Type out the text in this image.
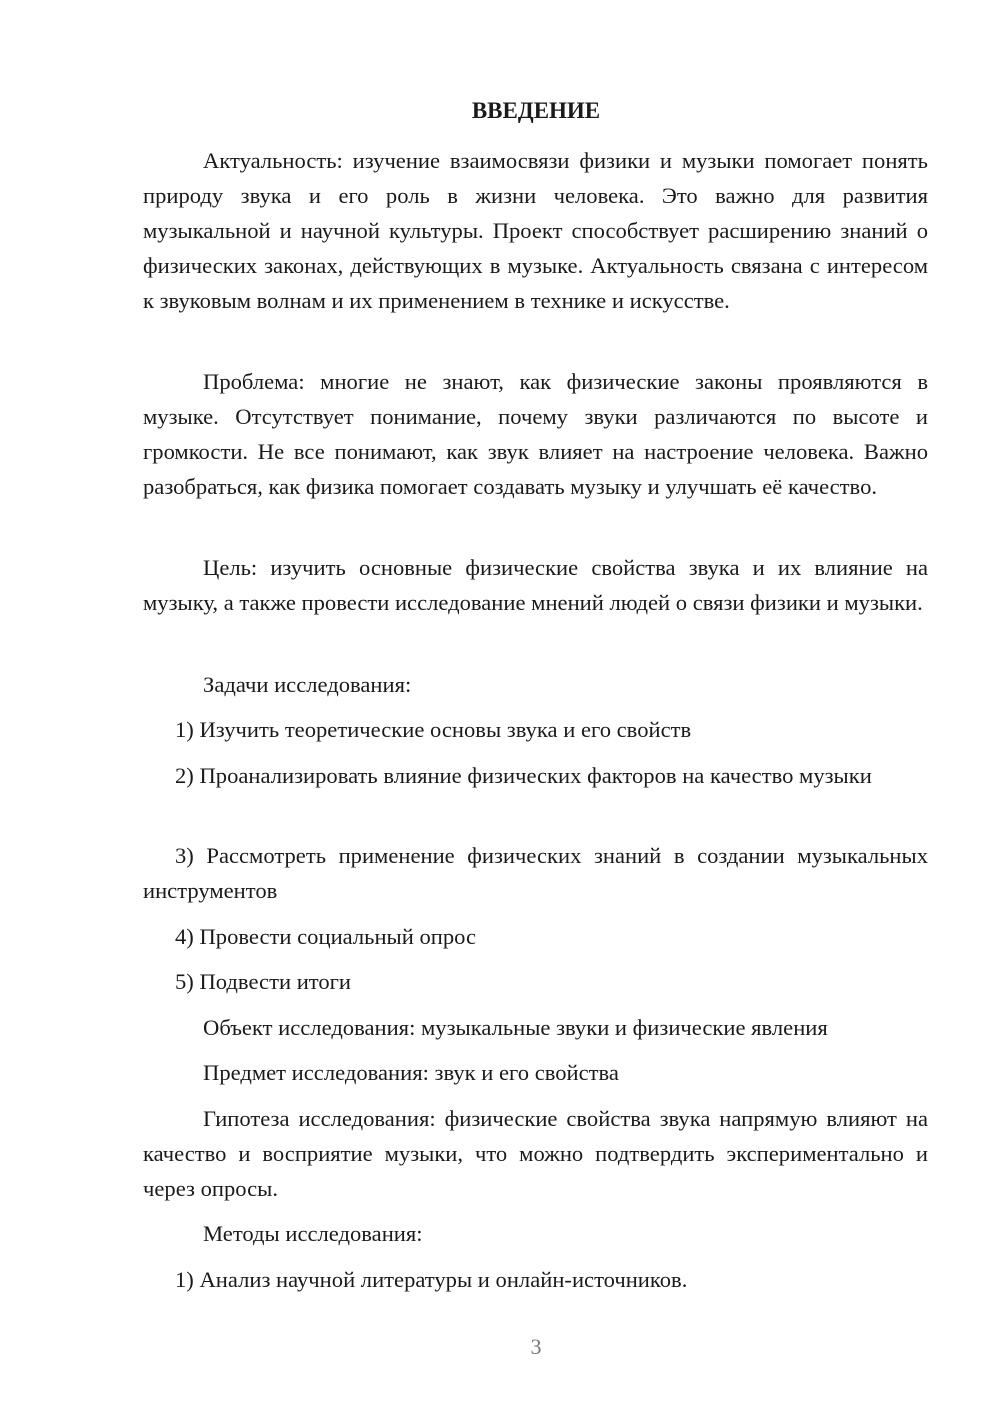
ВВЕДЕНИЕ

Актуальность: изучение взаимосвязи физики и музыки помогает понять природу звука и его роль в жизни человека. Это важно для развития музыкальной и научной культуры. Проект способствует расширению знаний о физических законах, действующих в музыке. Актуальность связана с интересом к звуковым волнам и их применением в технике и искусстве.

Проблема: многие не знают, как физические законы проявляются в музыке. Отсутствует понимание, почему звуки различаются по высоте и громкости. Не все понимают, как звук влияет на настроение человека. Важно разобраться, как физика помогает создавать музыку и улучшать её качество.

Цель: изучить основные физические свойства звука и их влияние на музыку, а также провести исследование мнений людей о связи физики и музыки.

Задачи исследования:

1) Изучить теоретические основы звука и его свойств

2) Проанализировать влияние физических факторов на качество музыки

3) Рассмотреть применение физических знаний в создании музыкальных инструментов

4) Провести социальный опрос

5) Подвести итоги

Объект исследования: музыкальные звуки и физические явления

Предмет исследования: звук и его свойства

Гипотеза исследования: физические свойства звука напрямую влияют на качество и восприятие музыки, что можно подтвердить экспериментально и через опросы.

Методы исследования:

1) Анализ научной литературы и онлайн-источников.

3
